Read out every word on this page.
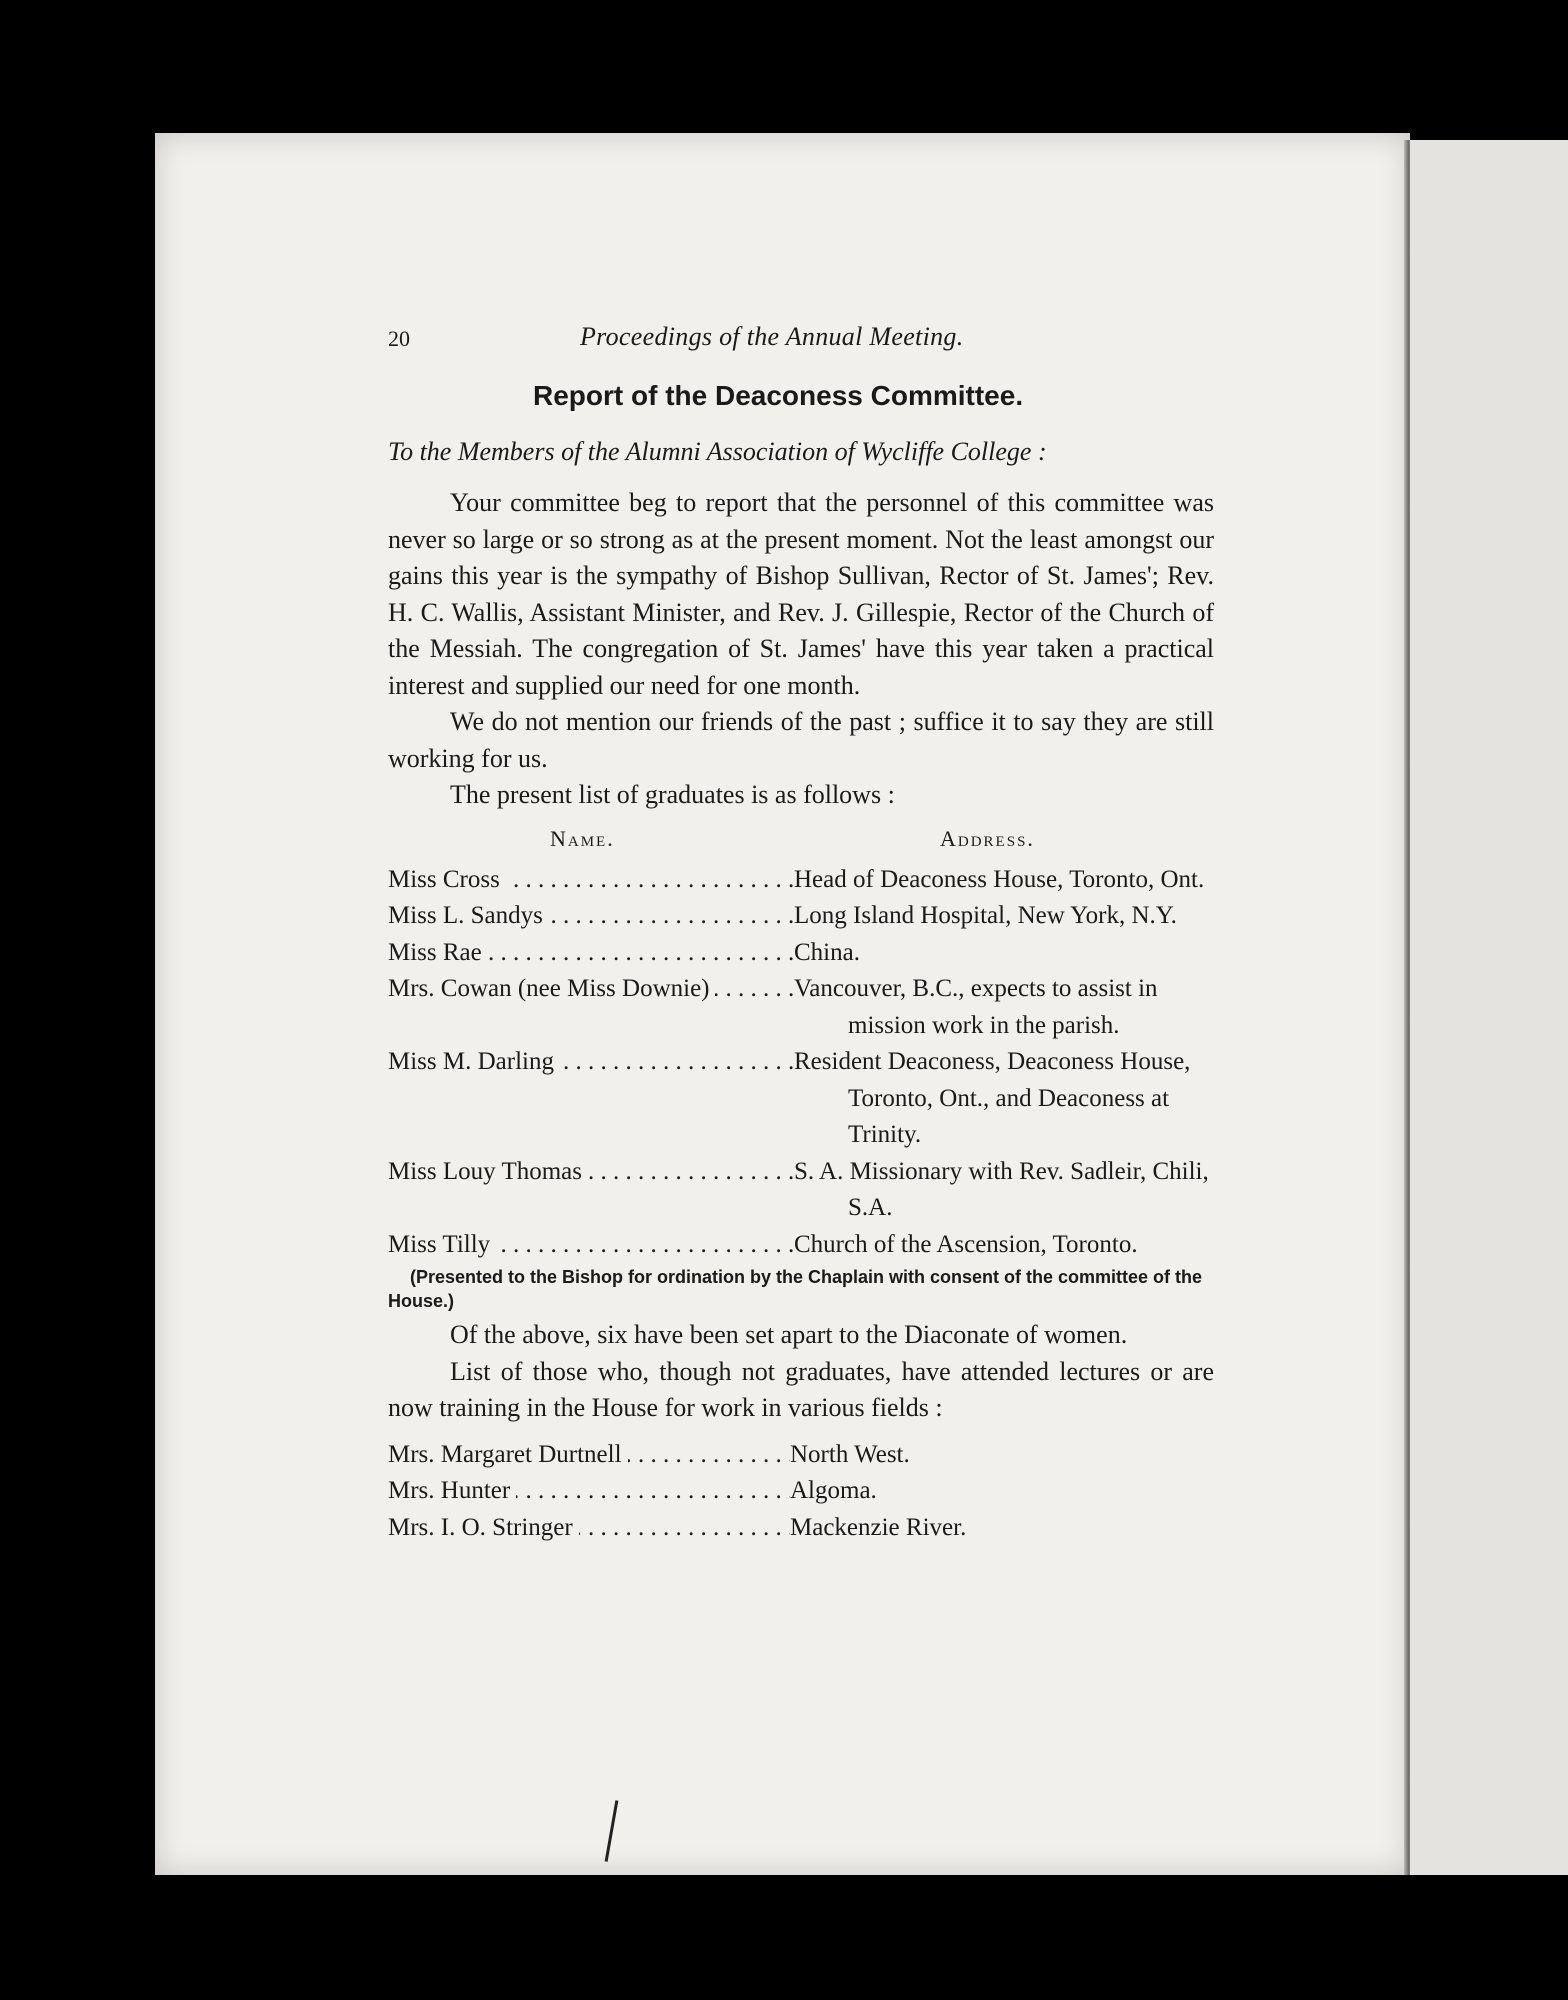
20	Proceedings of the Annual Meeting.
Report of the Deaconess Committee.
To the Members of the Alumni Association of Wycliffe College :

Your committee beg to report that the personnel of this committee was never so large or so strong as at the present moment. Not the least amongst our gains this year is the sympathy of Bishop Sullivan, Rector of St. James'; Rev. H. C. Wallis, Assistant Minister, and Rev. J. Gillespie, Rector of the Church of the Messiah. The congregation of St. James' have this year taken a practical interest and supplied our need for one month.

We do not mention our friends of the past ; suffice it to say they are still working for us.

The present list of graduates is as follows :

Name.	Address.
Miss Cross . . .	Head of Deaconess House, Toronto, Ont.
Miss L. Sandys . . .	Long Island Hospital, New York, N.Y.
Miss Rae . . .	China.
Mrs. Cowan (nee Miss Downie) . . .	Vancouver, B.C., expects to assist in mission work in the parish.
Miss M. Darling . . .	Resident Deaconess, Deaconess House, Toronto, Ont., and Deaconess at Trinity.
Miss Louy Thomas . . .	S. A. Missionary with Rev. Sadleir, Chili, S.A.
Miss Tilly . . .	Church of the Ascension, Toronto.
(Presented to the Bishop for ordination by the Chaplain with consent of the committee of the House.)

Of the above, six have been set apart to the Diaconate of women.

List of those who, though not graduates, have attended lectures or are now training in the House for work in various fields :

Mrs. Margaret Durtnell . . .	North West.
Mrs. Hunter . . .	Algoma.
Mrs. I. O. Stringer . . .	Mackenzie River.
